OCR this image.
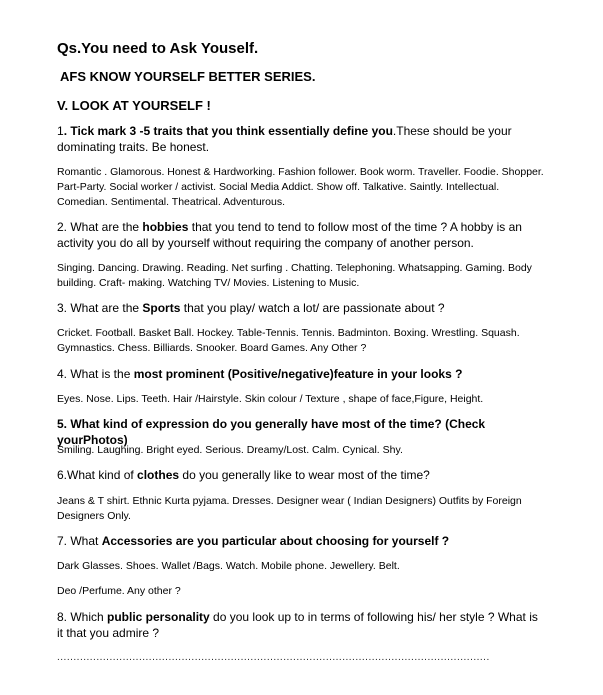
Qs.You need to Ask Youself.
AFS KNOW YOURSELF BETTER SERIES.
V. LOOK AT YOURSELF !
1. Tick mark 3 -5 traits that you think essentially define you.These should be your dominating traits. Be honest.
Romantic . Glamorous. Honest & Hardworking. Fashion follower. Book worm. Traveller. Foodie. Shopper. Part-Party. Social worker / activist. Social Media Addict. Show off. Talkative. Saintly. Intellectual. Comedian. Sentimental. Theatrical. Adventurous.
2. What are the hobbies that you tend to tend to follow most of the time ? A hobby is an activity you do all by yourself without requiring the company of another person.
Singing. Dancing. Drawing. Reading. Net surfing . Chatting. Telephoning. Whatsapping. Gaming. Body building. Craft- making. Watching TV/ Movies. Listening to Music.
3. What are the Sports that you play/ watch a lot/ are passionate about ?
Cricket. Football. Basket Ball. Hockey. Table-Tennis. Tennis. Badminton. Boxing. Wrestling. Squash. Gymnastics. Chess. Billiards. Snooker. Board Games. Any Other ?
4. What is the most prominent (Positive/negative)feature in your looks ?
Eyes. Nose. Lips. Teeth. Hair /Hairstyle. Skin colour / Texture , shape of face,Figure, Height.
5. What kind of expression do you generally have most of the time? (Check yourPhotos)
Smiling. Laughing. Bright eyed. Serious. Dreamy/Lost. Calm. Cynical. Shy.
6.What kind of clothes do you generally like to wear most of the time?
Jeans & T shirt. Ethnic Kurta pyjama. Dresses. Designer wear ( Indian Designers) Outfits by Foreign Designers Only.
7. What Accessories are you particular about choosing for yourself ?
Dark Glasses. Shoes. Wallet /Bags. Watch. Mobile phone. Jewellery. Belt.
Deo /Perfume. Any other ?
8. Which public personality do you look up to in terms of following his/ her style ? What is it that you admire ?
....................................................................................................................................
